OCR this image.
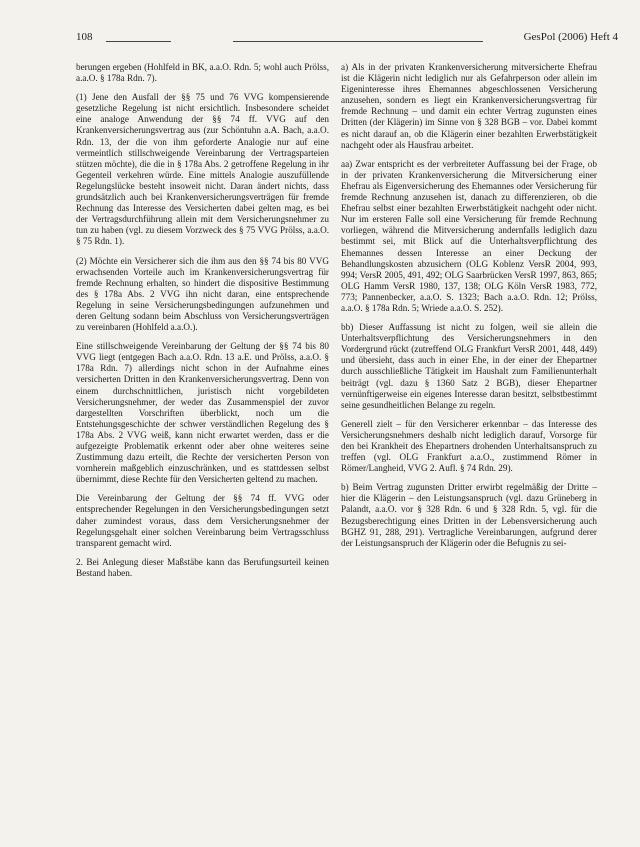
108	GesPol (2006) Heft 4

berungen ergeben (Hohlfeld in BK, a.a.O. Rdn. 5; wohl auch Prölss, a.a.O. § 178a Rdn. 7).

(1) Jene den Ausfall der §§ 75 und 76 VVG kompensierende gesetzliche Regelung ist nicht ersichtlich. Insbesondere scheidet eine analoge Anwendung der §§ 74 ff. VVG auf den Krankenversicherungsvertrag aus (zur Schöntuhn a.A. Bach, a.a.O. Rdn. 13, der die von ihm geforderte Analogie nur auf eine vermeintlich stillschweigende Vereinbarung der Vertragsparteien stützen möchte), die die in § 178a Abs. 2 getroffene Regelung in ihr Gegenteil verkehren würde. Eine mittels Analogie auszufüllende Regelungslücke besteht insoweit nicht. Daran ändert nichts, dass grundsätzlich auch bei Krankenversicherungsverträgen für fremde Rechnung das Interesse des Versicherten dabei gelten mag, es bei der Vertragsdurchführung allein mit dem Versicherungsnehmer zu tun zu haben (vgl. zu diesem Vorzweck des § 75 VVG Prölss, a.a.O. § 75 Rdn. 1).

(2) Möchte ein Versicherer sich die ihm aus den §§ 74 bis 80 VVG erwachsenden Vorteile auch im Krankenversicherungsvertrag für fremde Rechnung erhalten, so hindert die dispositive Bestimmung des § 178a Abs. 2 VVG ihn nicht daran, eine entsprechende Regelung in seine Versicherungsbedingungen aufzunehmen und deren Geltung sodann beim Abschluss von Versicherungsverträgen zu vereinbaren (Hohlfeld a.a.O.).

Eine stillschweigende Vereinbarung der Geltung der §§ 74 bis 80 VVG liegt (entgegen Bach a.a.O. Rdn. 13 a.E. und Prölss, a.a.O. § 178a Rdn. 7) allerdings nicht schon in der Aufnahme eines versicherten Dritten in den Krankenversicherungsvertrag. Denn von einem durchschnittlichen, juristisch nicht vorgebildeten Versicherungsnehmer, der weder das Zusammenspiel der zuvor dargestellten Vorschriften überblickt, noch um die Entstehungsgeschichte der schwer verständlichen Regelung des § 178a Abs. 2 VVG weiß, kann nicht erwartet werden, dass er die aufgezeigte Problematik erkennt oder aber ohne weiteres seine Zustimmung dazu erteilt, die Rechte der versicherten Person von vornherein maßgeblich einzuschränken, und es stattdessen selbst übernimmt, diese Rechte für den Versicherten geltend zu machen.

Die Vereinbarung der Geltung der §§ 74 ff. VVG oder entsprechender Regelungen in den Versicherungsbedingungen setzt daher zumindest voraus, dass dem Versicherungsnehmer der Regelungsgehalt einer solchen Vereinbarung beim Vertragsschluss transparent gemacht wird.

2. Bei Anlegung dieser Maßstäbe kann das Berufungsurteil keinen Bestand haben.

a) Als in der privaten Krankenversicherung mitversicherte Ehefrau ist die Klägerin nicht lediglich nur als Gefahrperson oder allein im Eigeninteresse ihres Ehemannes abgeschlossenen Versicherung anzusehen, sondern es liegt ein Krankenversicherungsvertrag für fremde Rechnung – und damit ein echter Vertrag zugunsten eines Dritten (der Klägerin) im Sinne von § 328 BGB – vor. Dabei kommt es nicht darauf an, ob die Klägerin einer bezahlten Erwerbstätigkeit nachgeht oder als Hausfrau arbeitet.

aa) Zwar entspricht es der verbreiteter Auffassung bei der Frage, ob in der privaten Krankenversicherung die Mitversicherung einer Ehefrau als Eigenversicherung des Ehemannes oder Versicherung für fremde Rechnung anzusehen ist, danach zu differenzieren, ob die Ehefrau selbst einer bezahlten Erwerbstätigkeit nachgeht oder nicht. Nur im ersteren Falle soll eine Versicherung für fremde Rechnung vorliegen, während die Mitversicherung andernfalls lediglich dazu bestimmt sei, mit Blick auf die Unterhaltsverpflichtung des Ehemannes dessen Interesse an einer Deckung der Behandlungskosten abzusichern (OLG Koblenz VersR 2004, 993, 994; VersR 2005, 491, 492; OLG Saarbrücken VersR 1997, 863, 865; OLG Hamm VersR 1980, 137, 138; OLG Köln VersR 1983, 772, 773; Pannenbecker, a.a.O. S. 1323; Bach a.a.O. Rdn. 12; Prölss, a.a.O. § 178a Rdn. 5; Wriede a.a.O. S. 252).

bb) Dieser Auffassung ist nicht zu folgen, weil sie allein die Unterhaltsverpflichtung des Versicherungsnehmers in den Vordergrund rückt (zutreffend OLG Frankfurt VersR 2001, 448, 449) und übersieht, dass auch in einer Ehe, in der einer der Ehepartner durch ausschließliche Tätigkeit im Haushalt zum Familienunterhalt beiträgt (vgl. dazu § 1360 Satz 2 BGB), dieser Ehepartner vernünftigerweise ein eigenes Interesse daran besitzt, selbstbestimmt seine gesundheitlichen Belange zu regeln.

Generell zielt – für den Versicherer erkennbar – das Interesse des Versicherungsnehmers deshalb nicht lediglich darauf, Vorsorge für den bei Krankheit des Ehepartners drohenden Unterhaltsanspruch zu treffen (vgl. OLG Frankfurt a.a.O., zustimmend Römer in Römer/Langheid, VVG 2. Aufl. § 74 Rdn. 29).

b) Beim Vertrag zugunsten Dritter erwirbt regelmäßig der Dritte – hier die Klägerin – den Leistungsanspruch (vgl. dazu Grüneberg in Palandt, a.a.O. vor § 328 Rdn. 6 und § 328 Rdn. 5, vgl. für die Bezugsberechtigung eines Dritten in der Lebensversicherung auch BGHZ 91, 288, 291). Vertragliche Vereinbarungen, aufgrund derer der Leistungsanspruch der Klägerin oder die Befugnis zu sei-
